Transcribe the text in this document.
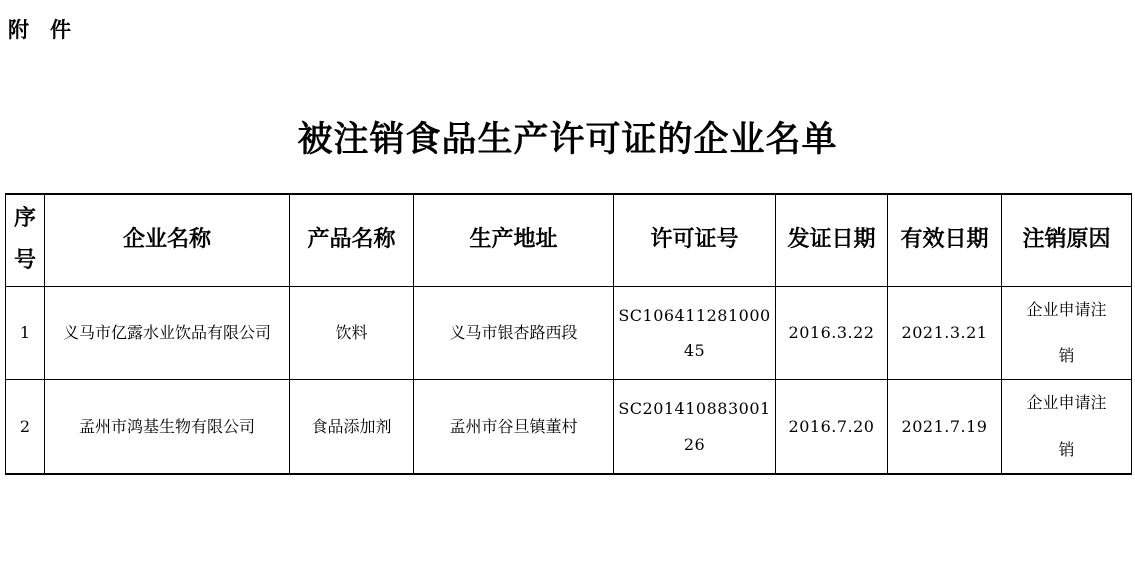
附　件
被注销食品生产许可证的企业名单
序号	企业名称	产品名称	生产地址	许可证号	发证日期	有效日期	注销原因
1	义马市亿露水业饮品有限公司	饮料	义马市银杏路西段	SC10641128100045	2016.3.22	2021.3.21	企业申请注销
2	孟州市鸿基生物有限公司	食品添加剂	孟州市谷旦镇董村	SC20141088300126	2016.7.20	2021.7.19	企业申请注销
